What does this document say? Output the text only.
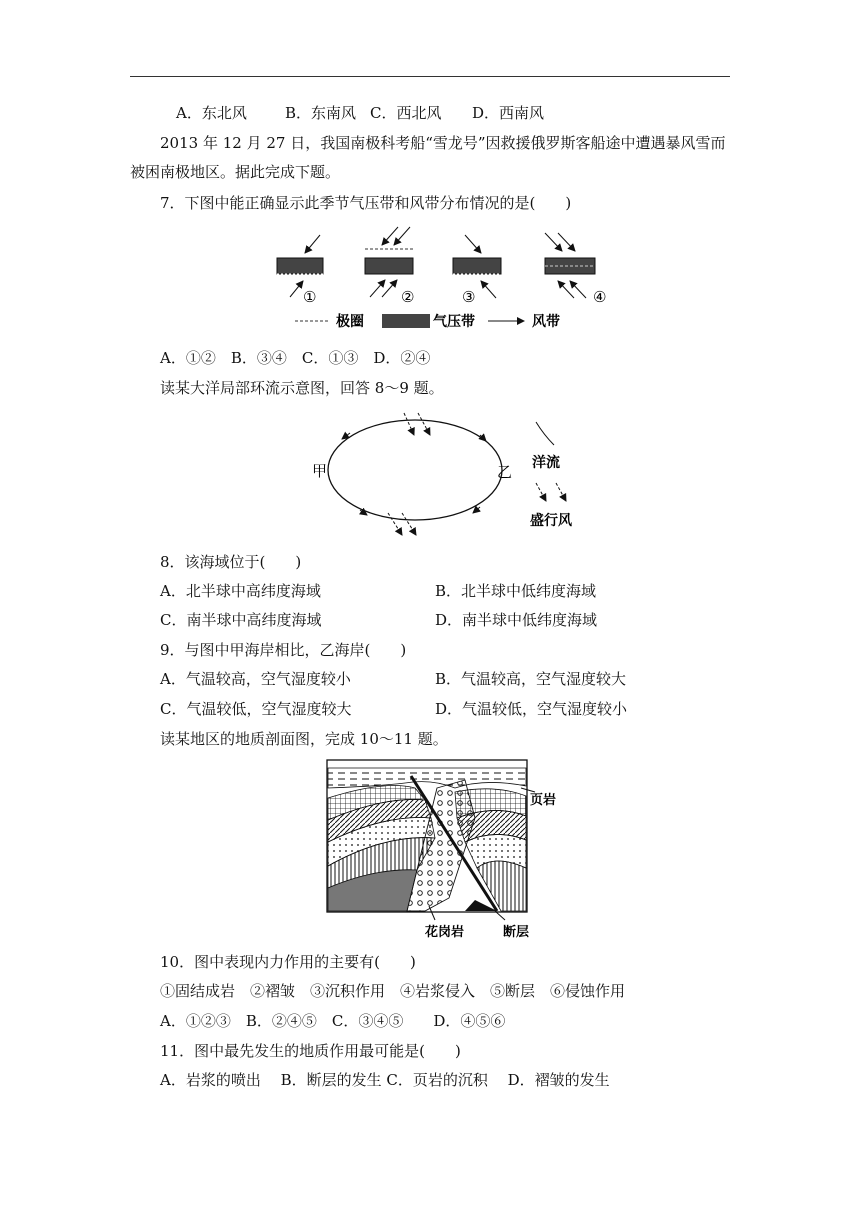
A．东北风	B．东南风 C．西北风 D．西南风
2013 年 12 月 27 日，我国南极科考船“雪龙号”因救援俄罗斯客船途中遭遇暴风雪而
被困南极地区。据此完成下题。
7．下图中能正确显示此季节气压带和风带分布情况的是(　　)
①	②	③	④
极圈	气压带	风带
A．①②　B．③④　C．①③　D．②④
读某大洋局部环流示意图，回答 8～9 题。
甲	乙 洋流
盛行风
8．该海域位于(　　)
A．北半球中高纬度海域	B．北半球中低纬度海域
C．南半球中高纬度海域	D．南半球中低纬度海域
9．与图中甲海岸相比，乙海岸(　　)
A．气温较高，空气湿度较小	B．气温较高，空气湿度较大
C．气温较低，空气湿度较大	D．气温较低，空气湿度较小
读某地区的地质剖面图，完成 10～11 题。
页岩
花岗岩	断层
10．图中表现内力作用的主要有(　　)
①固结成岩　②褶皱　③沉积作用　④岩浆侵入　⑤断层　⑥侵蚀作用
A．①②③　B．②④⑤　C．③④⑤　　D．④⑤⑥
11．图中最先发生的地质作用最可能是(　　)
A．岩浆的喷出　 B．断层的发生 C．页岩的沉积　 D．褶皱的发生
